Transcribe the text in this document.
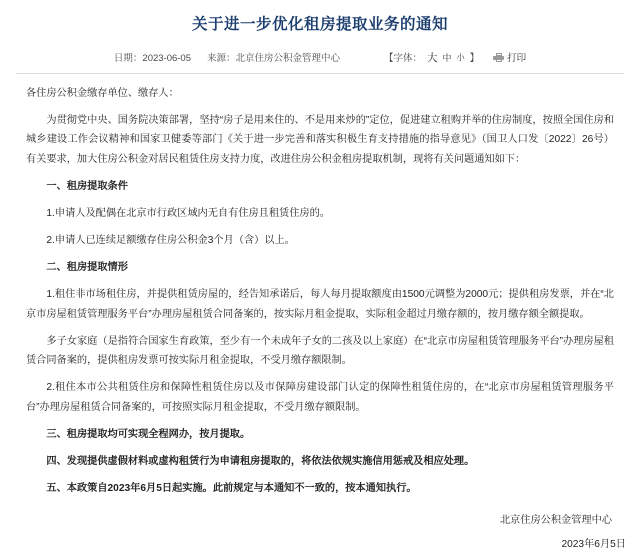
关于进一步优化租房提取业务的通知
日期：2023-06-05 来源：北京住房公积金管理中心	【字体： 大 中 小 】	打印

各住房公积金缴存单位、缴存人：

为贯彻党中央、国务院决策部署，坚持“房子是用来住的、不是用来炒的”定位，促进建立租购并举的住房制度，按照全国住房和城乡建设工作会议精神和国家卫健委等部门《关于进一步完善和落实积极生育支持措施的指导意见》（国卫人口发〔2022〕26号）有关要求，加大住房公积金对居民租赁住房支持力度，改进住房公积金租房提取机制，现将有关问题通知如下：

一、租房提取条件

1.申请人及配偶在北京市行政区域内无自有住房且租赁住房的。

2.申请人已连续足额缴存住房公积金3个月（含）以上。

二、租房提取情形

1.租住非市场租住房，并提供租赁房屋的，经告知承诺后，每人每月提取额度由1500元调整为2000元；提供租房发票，并在“北京市房屋租赁管理服务平台”办理房屋租赁合同备案的，按实际月租金提取，实际租金超过月缴存额的，按月缴存额全额提取。

多子女家庭（是指符合国家生育政策，至少有一个未成年子女的二孩及以上家庭）在“北京市房屋租赁管理服务平台”办理房屋租赁合同备案的，提供租房发票可按实际月租金提取，不受月缴存额限制。

2.租住本市公共租赁住房和保障性租赁住房以及市保障房建设部门认定的保障性租赁住房的，在“北京市房屋租赁管理服务平台”办理房屋租赁合同备案的，可按照实际月租金提取，不受月缴存额限制。

三、租房提取均可实现全程网办，按月提取。

四、发现提供虚假材料或虚构租赁行为申请租房提取的，将依法依规实施信用惩戒及相应处理。

五、本政策自2023年6月5日起实施。此前规定与本通知不一致的，按本通知执行。

北京住房公积金管理中心
2023年6月5日
